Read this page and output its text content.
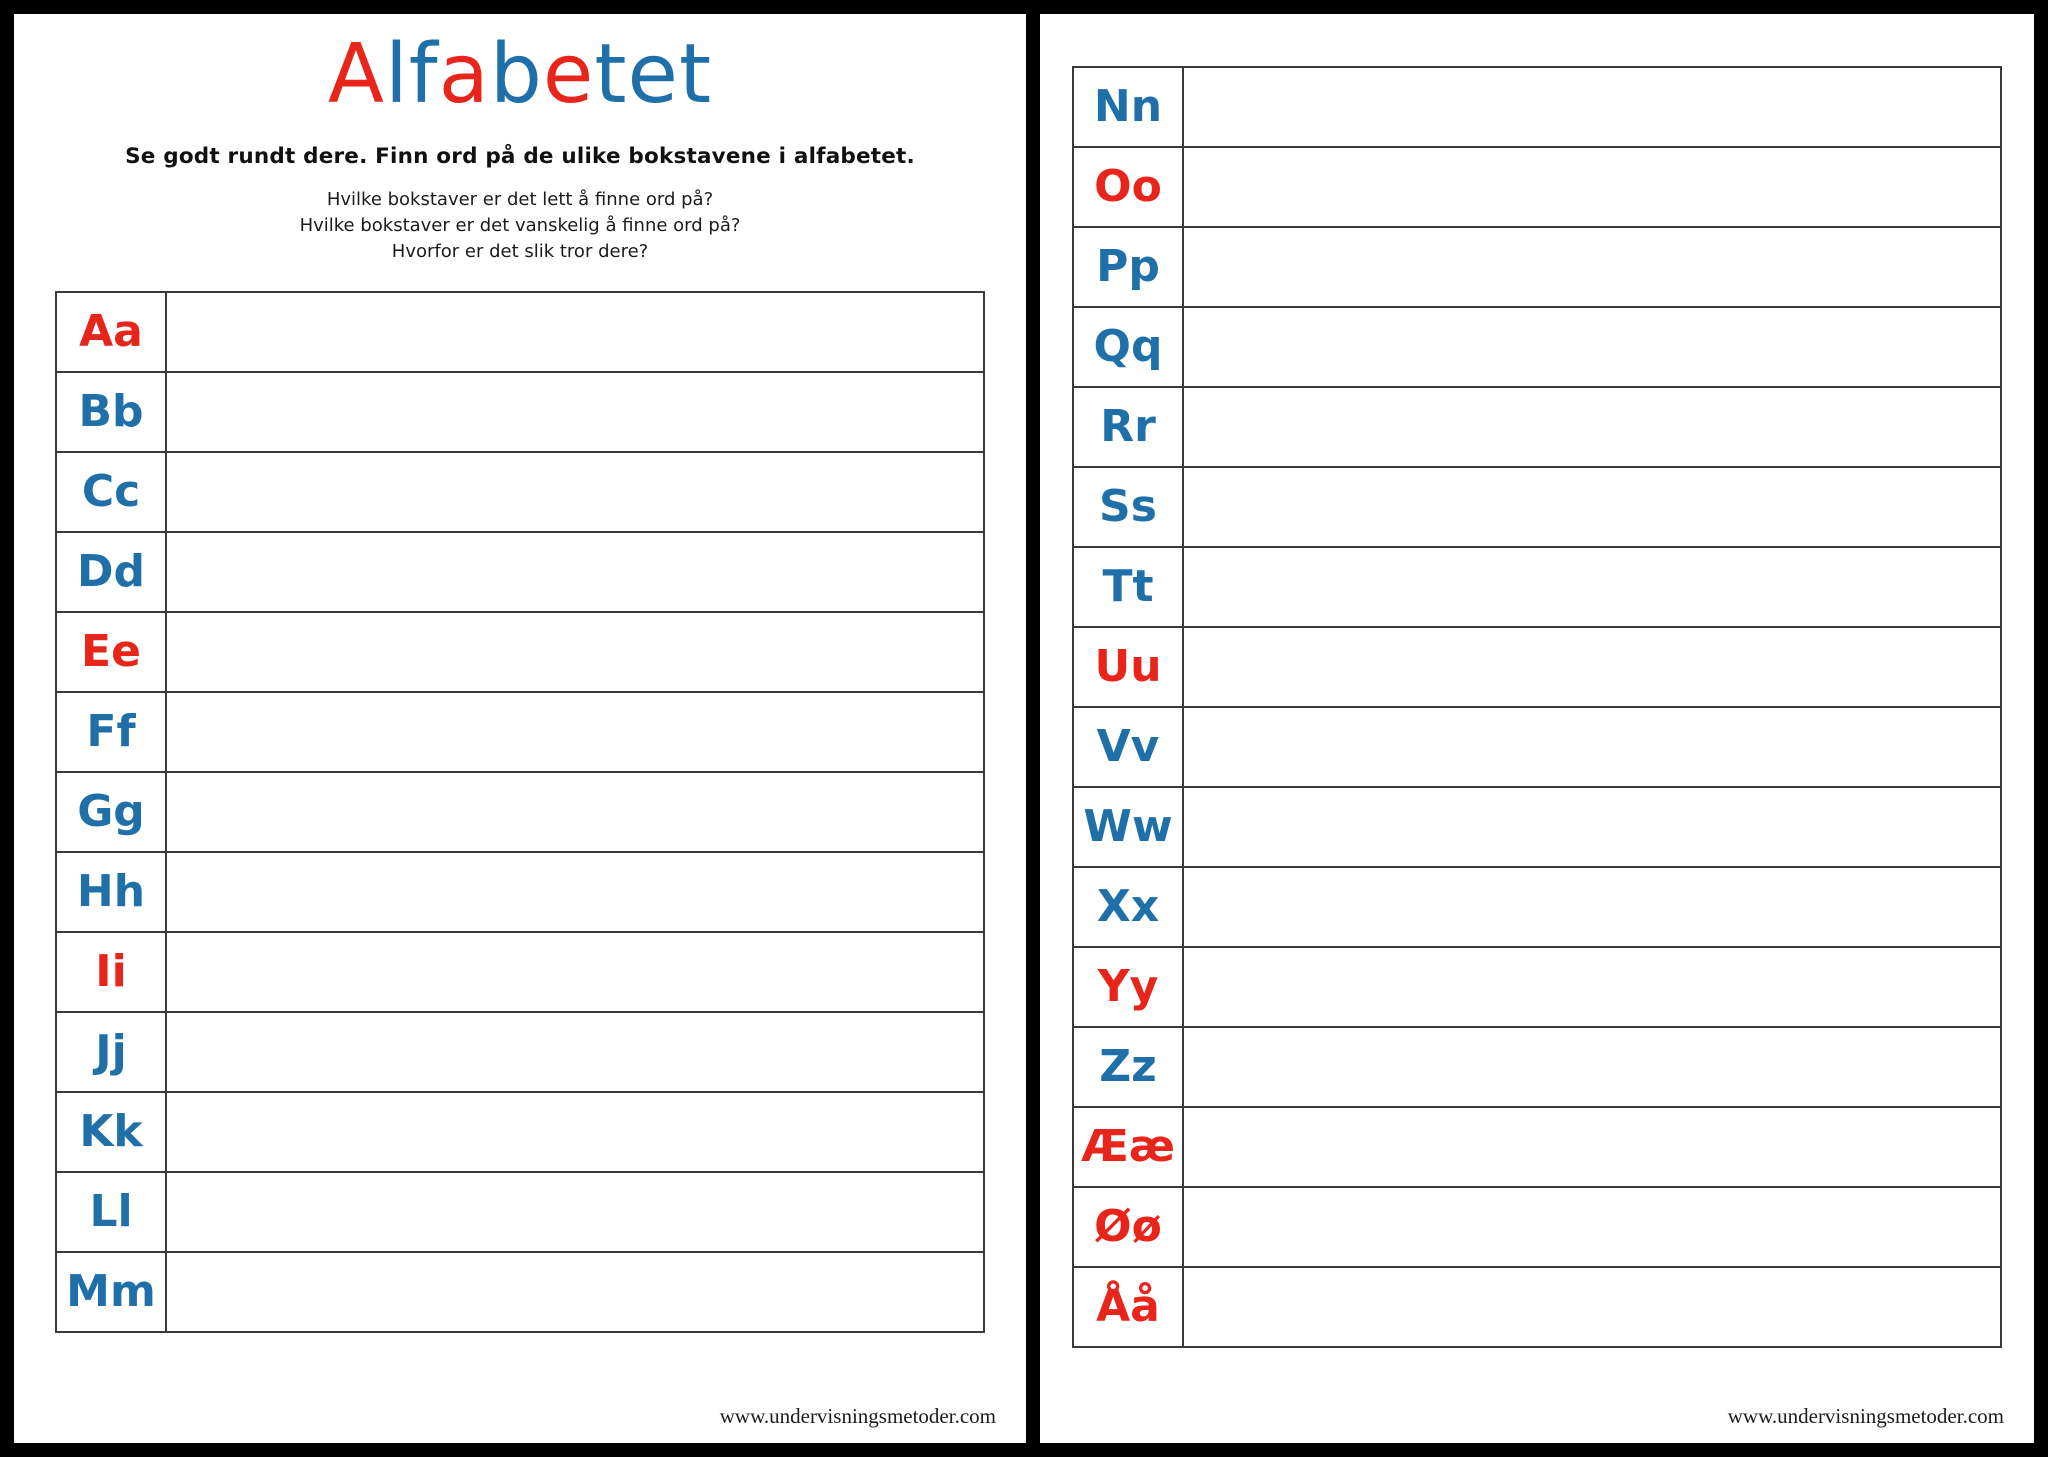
Alfabetet
Se godt rundt dere. Finn ord på de ulike bokstavene i alfabetet.
Hvilke bokstaver er det lett å finne ord på?
Hvilke bokstaver er det vanskelig å finne ord på?
Hvorfor er det slik tror dere?
Aa	
Bb	
Cc	
Dd	
Ee	
Ff	
Gg	
Hh	
Ii	
Jj	
Kk	
Ll	
Mm	
www.undervisningsmetoder.com
Nn	
Oo	
Pp	
Qq	
Rr	
Ss	
Tt	
Uu	
Vv	
Ww	
Xx	
Yy	
Zz	
Ææ	
Øø	
Åå	
www.undervisningsmetoder.com
